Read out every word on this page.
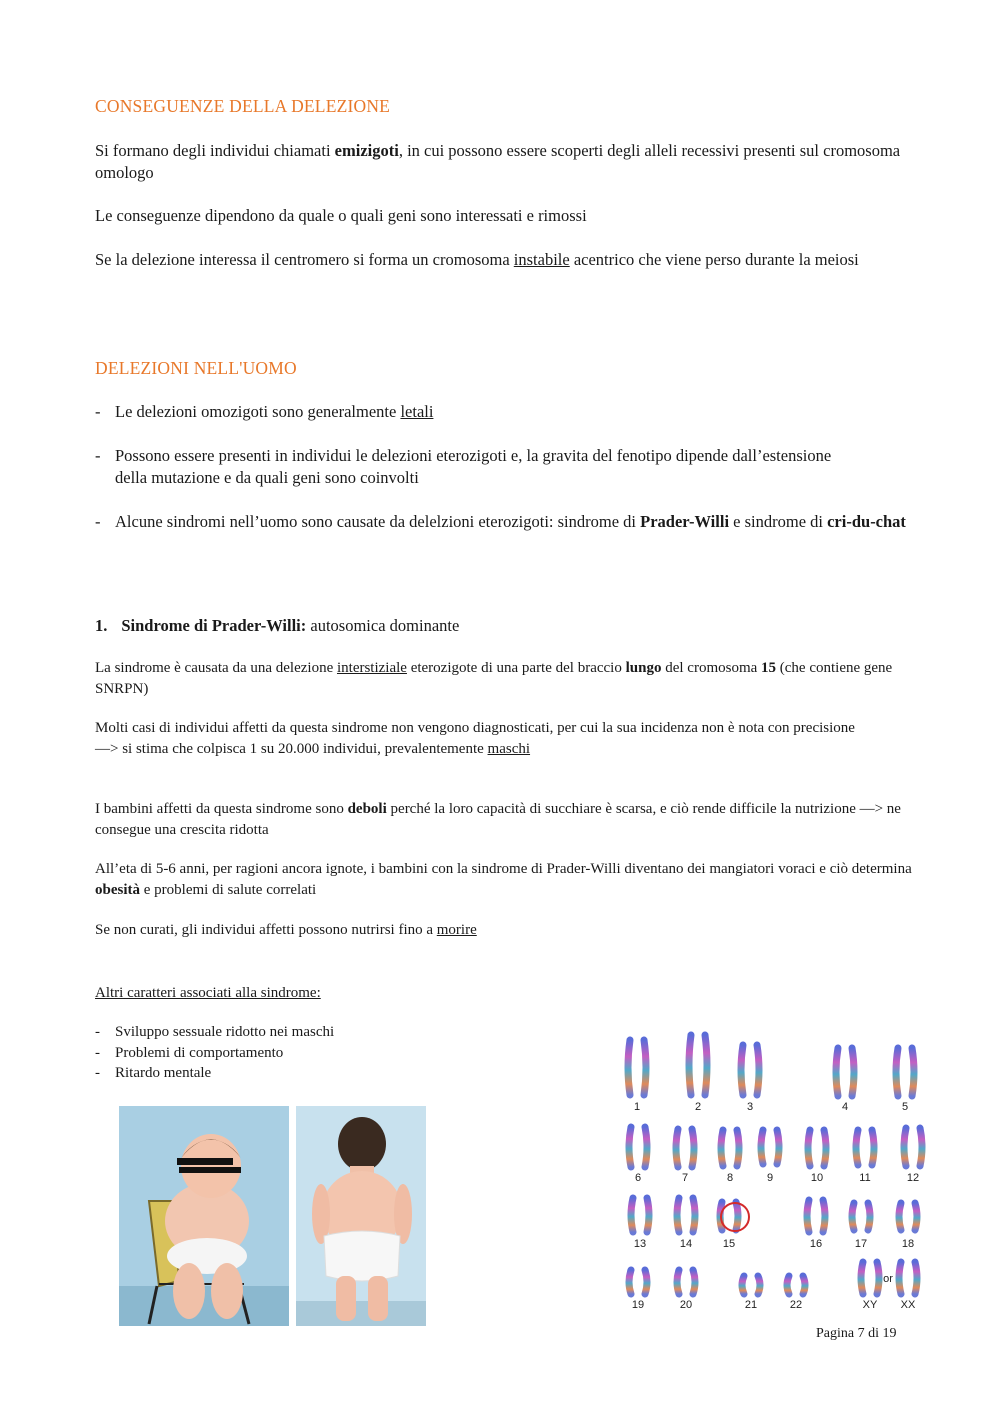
CONSEGUENZE DELLA DELEZIONE
Si formano degli individui chiamati emizigoti, in cui possono essere scoperti degli alleli recessivi presenti sul cromosoma omologo
Le conseguenze dipendono da quale o quali geni sono interessati e rimossi
Se la delezione interessa il centromero si forma un cromosoma instabile acentrico che viene perso durante la meiosi
DELEZIONI NELL'UOMO
- Le delezioni omozigoti sono generalmente letali
- Possono essere presenti in individui le delezioni eterozigoti e, la gravita del fenotipo dipende dall’estensione della mutazione e da quali geni sono coinvolti
- Alcune sindromi nell’uomo sono causate da delelzioni eterozigoti: sindrome di Prader-Willi e sindrome di cri-du-chat
1. Sindrome di Prader-Willi: autosomica dominante
La sindrome è causata da una delezione interstiziale eterozigote di una parte del braccio lungo del cromosoma 15 (che contiene gene SNRPN)
Molti casi di individui affetti da questa sindrome non vengono diagnosticati, per cui la sua incidenza non è nota con precisione
—> si stima che colpisca 1 su 20.000 individui, prevalentemente maschi
I bambini affetti da questa sindrome sono deboli perché la loro capacità di succhiare è scarsa, e ciò rende difficile la nutrizione —> ne consegue una crescita ridotta
All’eta di 5-6 anni, per ragioni ancora ignote, i bambini con la sindrome di Prader-Willi diventano dei mangiatori voraci e ciò determina obesità e problemi di salute correlati
Se non curati, gli individui affetti possono nutrirsi fino a morire
Altri caratteri associati alla sindrome:
-	Sviluppo sessuale ridotto nei maschi
-	Problemi di comportamento
-	Ritardo mentale
1	2	3	4	5
6	7	8	9	10	11	12
13	14	15	16	17	18
19	20	21	22	XY XX
or
Pagina 7 di 19
